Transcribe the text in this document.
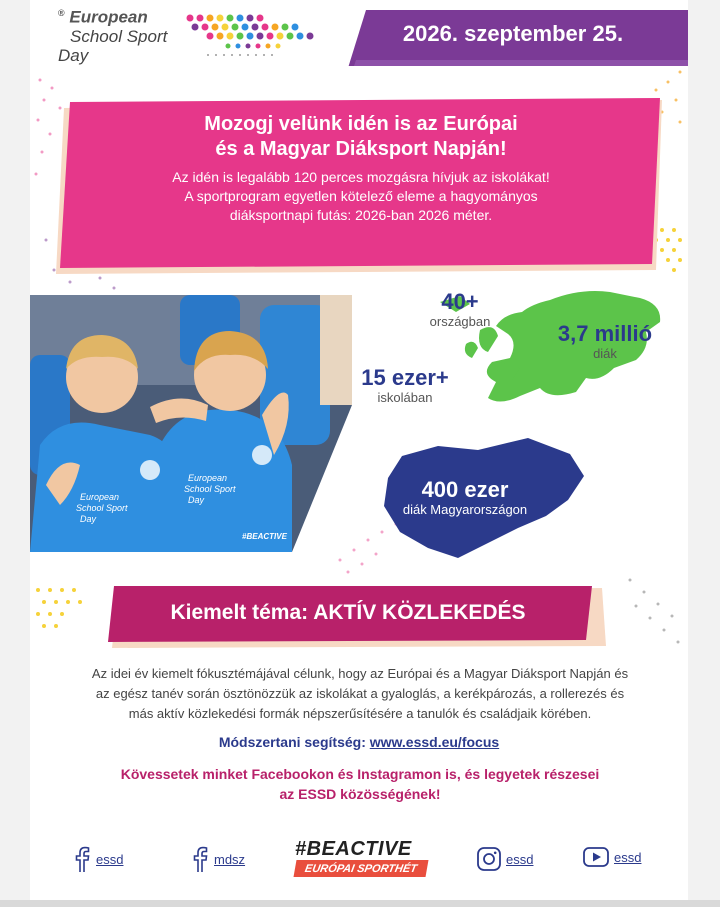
® European
School Sport
Day
2026. szeptember 25.

Mozogj velünk idén is az Európai
és a Magyar Diáksport Napján!

Az idén is legalább 120 perces mozgásra hívjuk az iskolákat!
A sportprogram egyetlen kötelező eleme a hagyományos
diáksportnapi futás: 2026-ban 2026 méter.

European
School Sport
Day
European
School Sport
Day
#BEACTIVE
40+
országban	3,7 millió
diák
15 ezer+
iskolában
400 ezer
diák Magyarországon
Kiemelt téma: AKTÍV KÖZLEKEDÉS

Az idei év kiemelt fókusztémájával célunk, hogy az Európai és a Magyar Diáksport Napján és
az egész tanév során ösztönözzük az iskolákat a gyaloglás, a kerékpározás, a rollerezés és
más aktív közlekedési formák népszerűsítésére a tanulók és családjaik körében.

Módszertani segítség: www.essd.eu/focus

Kövessetek minket Facebookon és Instagramon is, és legyetek részesei
az ESSD közösségének!

essd	mdsz #BEACTIVE
EURÓPAI SPORTHÉT
essd	essd
